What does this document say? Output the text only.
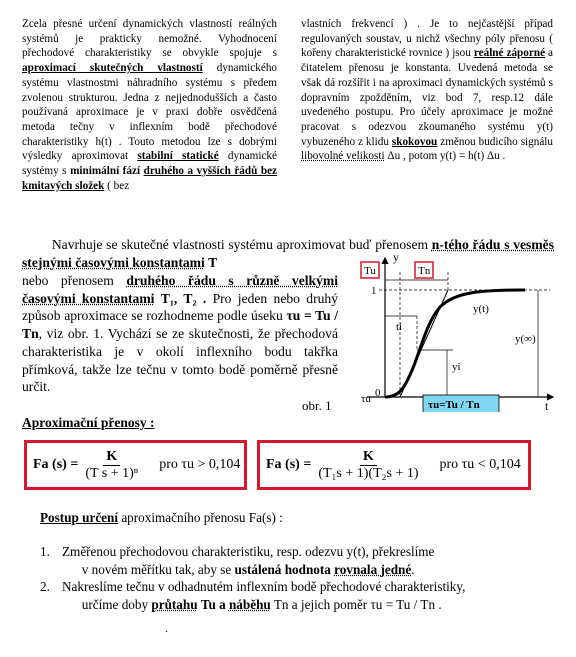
Zcela přesné určení dynamických vlastností reálných systémů je prakticky nemožné. Vyhodnocení přechodové charakteristiky se obvykle spojuje s aproximací skutečných vlastností dynamického systému vlastnostmi náhradního systému s předem zvolenou strukturou. Jedna z nejjednodušších a často používaná aproximace je v praxi dobře osvědčená metoda tečny v inflexním bodě přechodové charakteristiky h(t) . Touto metodou lze s dobrými výsledky aproximovat stabilní statické dynamické systémy s minimální fází druhého a vyšších řádů bez kmitavých složek ( bez
vlastních frekvencí ) . Je to nejčastější případ regulovaných soustav, u nichž všechny póly přenosu ( kořeny charakteristické rovnice ) jsou reálné záporné a čitatelem přenosu je konstanta. Uvedená metoda se však dá rozšířit i na aproximaci dynamických systémů s dopravním zpožděním, viz bod 7, resp.12 dále uvedeného postupu. Pro účely aproximace je možné pracovat s odezvou zkoumaného systému y(t) vybuzeného z klidu skokovou změnou budicího signálu libovolné velikosti Δu , potom y(t) = h(t) Δu .
Navrhuje se skutečné vlastnosti systému aproximovat buď přenosem n-tého řádu s vesměs stejnými časovými konstantami T
nebo přenosem druhého řádu s různě velkými časovými konstantami T₁, T₂ . Pro jeden nebo druhý způsob aproximace se rozhodneme podle úseku τu = Tu / Tn, viz obr. 1. Vychází se ze skutečnosti, že přechodová charakteristika je v okolí inflexního bodu takřka přímková, takže lze tečnu v tomto bodě poměrně přesně určit.
Tu	Tn
y
t
1
0
ti
yi
y(t)
y(∞)
τu	τu=Tu / Tn
obr. 1
Aproximační přenosy :
Fa $(s) = \frac{K}{\text{(T s + 1)ⁿ}}$ pro τu > 0,104 Fa $(s) = \frac{K}{\text{(T₁s + 1)(T₂s + 1)}}$ pro τu < 0,104
Postup určení aproximačního přenosu Fa(s) :
1. Změřenou přechodovou charakteristiku, resp. odezvu y(t), překreslíme
v novém měřítku tak, aby se ustálená hodnota rovnala jedné.
2. Nakreslíme tečnu v odhadnutém inflexním bodě přechodové charakteristiky,
určíme doby průtahu Tu a náběhu Tn a jejich poměr τu = Tu / Tn .
.
